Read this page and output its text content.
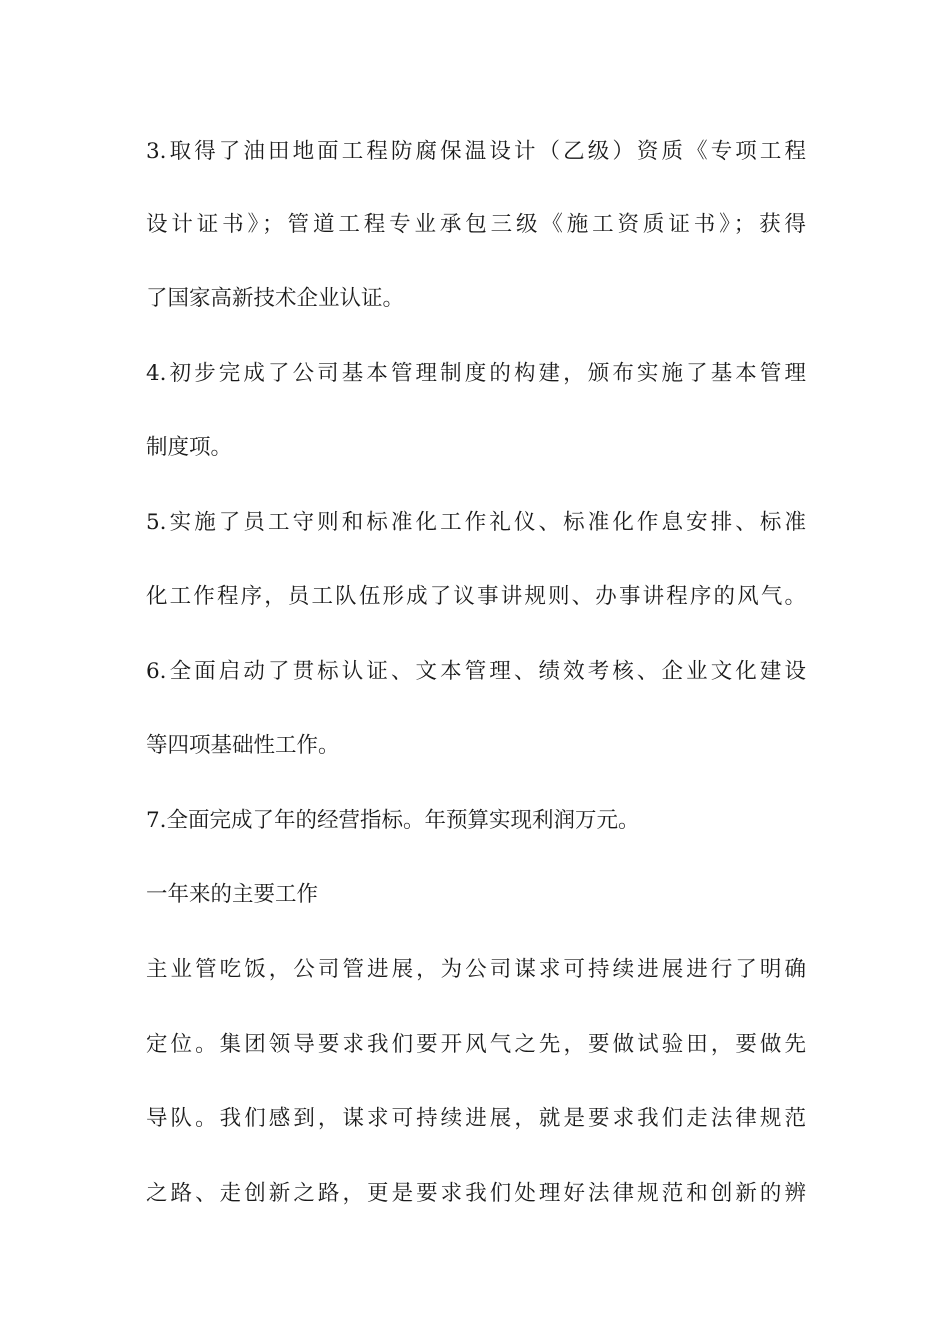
3.取得了油田地面工程防腐保温设计（乙级）资质《专项工程
设计证书》；管道工程专业承包三级《施工资质证书》；获得
了国家高新技术企业认证。
4.初步完成了公司基本管理制度的构建，颁布实施了基本管理
制度项。
5.实施了员工守则和标准化工作礼仪、标准化作息安排、标准
化工作程序，员工队伍形成了议事讲规则、办事讲程序的风气。
6.全面启动了贯标认证、文本管理、绩效考核、企业文化建设
等四项基础性工作。
7.全面完成了年的经营指标。年预算实现利润万元。
一年来的主要工作
主业管吃饭，公司管进展，为公司谋求可持续进展进行了明确
定位。集团领导要求我们要开风气之先，要做试验田，要做先
导队。我们感到，谋求可持续进展，就是要求我们走法律规范
之路、走创新之路，更是要求我们处理好法律规范和创新的辨
